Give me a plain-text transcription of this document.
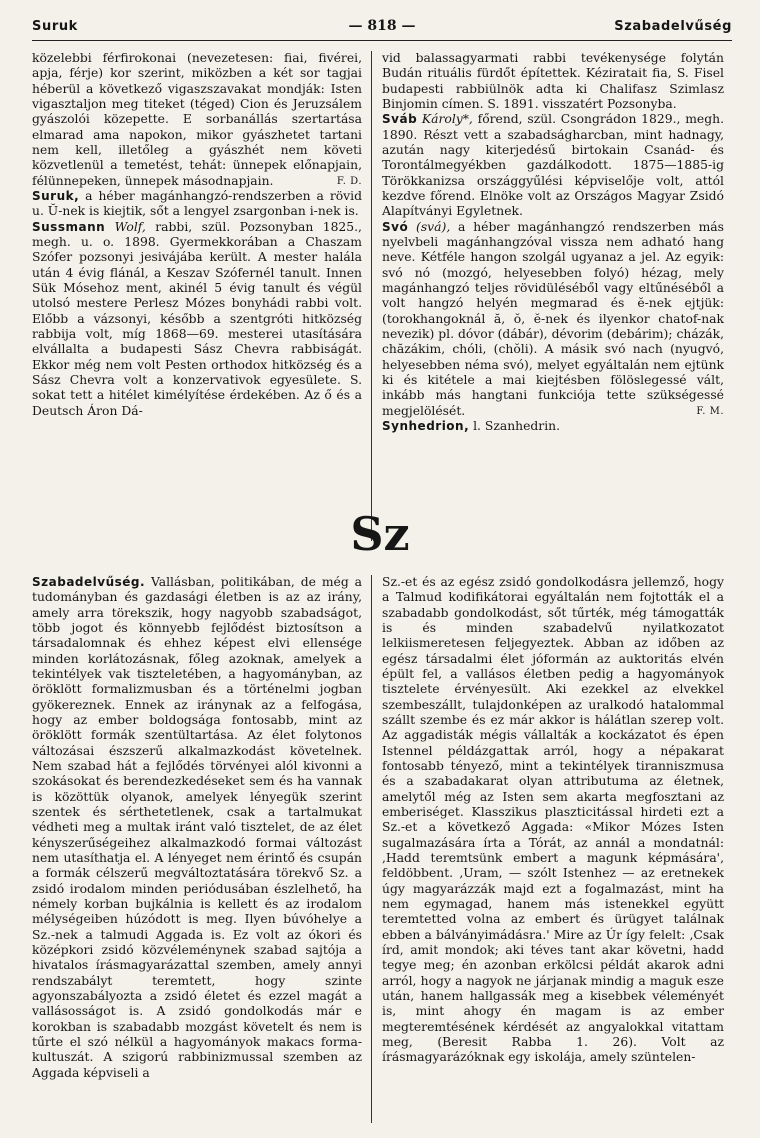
Suruk	— 818 —	Szabadelvűség

közelebbi férfirokonai (nevezetesen: fiai, fivérei, apja, férje) kor szerint, miközben a két sor tagjai héberül a következő vigaszszavakat mondják: Isten vigasztaljon meg titeket (téged) Cion és Jeruzsálem gyászolói közepette. E sorbanállás szertartása elmarad ama napokon, mikor gyászhetet tartani nem kell, illetőleg a gyászhét nem követi közvetlenül a temetést, tehát: ünnepek előnapjain, félünnepeken, ünnepek másodnapjain.	F. D.

Suruk, a héber magánhangzó-rendszerben a rövid u. Ŭ-nek is kiejtik, sőt a lengyel zsargonban i-nek is.

Sussmann Wolf, rabbi, szül. Pozsonyban 1825., megh. u. o. 1898. Gyermekkorában a Chaszam Szófer pozsonyi jesivájába került. A mester halála után 4 évig flánál, a Keszav Szófernél tanult. Innen Sük Mósehoz ment, akinél 5 évig tanult és végül utolsó mestere Perlesz Mózes bonyhádi rabbi volt. Előbb a vázsonyi, később a szentgróti hitközség rabbija volt, míg 1868—69. mesterei utasítására elvállalta a budapesti Sász Chevra rabbiságát. Ekkor még nem volt Pesten orthodox hitközség és a Sász Chevra volt a konzervativok egyesülete. S. sokat tett a hitélet kimélyítése érdekében. Az ő és a Deutsch Áron Dá-

vid balassagyarmati rabbi tevékenysége folytán Budán rituális fürdőt építettek. Kéziratait fia, S. Fisel budapesti rabbiülnök adta ki Chalifasz Szimlasz Binjomin címen. S. 1891. visszatért Pozsonyba.

Sváb Károly*, főrend, szül. Csongrádon 1829., megh. 1890. Részt vett a szabadságharcban, mint hadnagy, azután nagy kiterjedésű birtokain Csanád- és Torontálmegyékben gazdálkodott. 1875—1885-ig Törökkanizsa országgyűlési képviselője volt, attól kezdve főrend. Elnöke volt az Országos Magyar Zsidó Alapítványi Egyletnek.

Svó (svá), a héber magánhangzó rendszerben más nyelvbeli magánhangzóval vissza nem adható hang neve. Kétféle hangon szolgál ugyanaz a jel. Az egyik: svó nó (mozgó, helyesebben folyó) hézag, mely magánhangzó teljes rövidüléséből vagy eltűnéséből a volt hangzó helyén megmarad és ĕ-nek ejtjük: (torokhangoknál ă, ŏ, ĕ-nek és ilyenkor chatof-nak nevezik) pl. dóvor (dábár), dévorim (debárim); cházák, chăzákim, chóli, (chŏli). A másik svó nach (nyugvó, helyesebben néma svó), melyet egyáltalán nem ejtünk ki és kitétele a mai kiejtésben fölöslegessé vált, inkább más hangtani funkciója tette szükségessé megjelölését.	F. M.

Synhedrion, l. Szanhedrin.

Sz

Szabadelvűség. Vallásban, politikában, de még a tudományban és gazdasági életben is az az irány, amely arra törekszik, hogy nagyobb szabadságot, több jogot és könnyebb fejlődést biztosítson a társadalomnak és ehhez képest elvi ellensége minden korlátozásnak, főleg azoknak, amelyek a tekintélyek vak tiszteletében, a hagyományban, az öröklött formalizmusban és a történelmi jogban gyökereznek. Ennek az iránynak az a felfogása, hogy az ember boldogsága fontosabb, mint az öröklött formák szentültartása. Az élet folytonos változásai észszerű alkalmazkodást követelnek. Nem szabad hát a fejlődés törvényei alól kivonni a szokásokat és berendezkedéseket sem és ha vannak is közöttük olyanok, amelyek lényegük szerint szentek és sérthetetlenek, csak a tartalmukat védheti meg a multak iránt való tisztelet, de az élet kényszerűségeihez alkalmazkodó formai változást nem utasíthatja el. A lényeget nem érintő és csupán a formák célszerű megváltoztatására törekvő Sz. a zsidó irodalom minden periódusában észlelhető, ha némely korban bujkálnia is kellett és az irodalom mélységeiben húzódott is meg. Ilyen búvóhelye a Sz.-nek a talmudi Aggada is. Ez volt az ókori és középkori zsidó közvéleménynek szabad sajtója a hivatalos írásmagyarázattal szemben, amely annyi rendszabályt teremtett, hogy szinte agyonszabályozta a zsidó életet és ezzel magát a vallásosságot is. A zsidó gondolkodás már e korokban is szabadabb mozgást követelt és nem is tűrte el szó nélkül a hagyományok makacs forma-kultuszát. A szigorú rabbinizmussal szemben az Aggada képviseli a

Sz.-et és az egész zsidó gondolkodásra jellemző, hogy a Talmud kodifikátorai egyáltalán nem fojtották el a szabadabb gondolkodást, sőt tűrték, még támogatták is és minden szabadelvű nyilatkozatot lelkiismeretesen feljegyeztek. Abban az időben az egész társadalmi élet jóformán az auktoritás elvén épült fel, a vallásos életben pedig a hagyományok tisztelete érvényesült. Aki ezekkel az elvekkel szembeszállt, tulajdonképen az uralkodó hatalommal szállt szembe és ez már akkor is hálátlan szerep volt. Az aggadisták mégis vállalták a kockázatot és épen Istennel példázgattak arról, hogy a népakarat fontosabb tényező, mint a tekintélyek tiranniszmusa és a szabadakarat olyan attributuma az életnek, amelytől még az Isten sem akarta megfosztani az emberiséget. Klasszikus plaszticitással hirdeti ezt a Sz.-et a következő Aggada: «Mikor Mózes Isten sugalmazására írta a Tórát, az annál a mondatnál: ,Hadd teremtsünk embert a magunk képmására', feldöbbent. ,Uram, — szólt Istenhez — az eretnekek úgy magyarázzák majd ezt a fogalmazást, mint ha nem egymagad, hanem más istenekkel együtt teremtetted volna az embert és ürügyet találnak ebben a bálványimádásra.' Mire az Úr így felelt: ,Csak írd, amit mondok; aki téves tant akar követni, hadd tegye meg; én azonban erkölcsi példát akarok adni arról, hogy a nagyok ne járjanak mindig a maguk esze után, hanem hallgassák meg a kisebbek véleményét is, mint ahogy én magam is az ember megteremtésének kérdését az angyalokkal vitattam meg, (Beresit Rabba 1. 26). Volt az írásmagyarázóknak egy iskolája, amely szüntelen-
